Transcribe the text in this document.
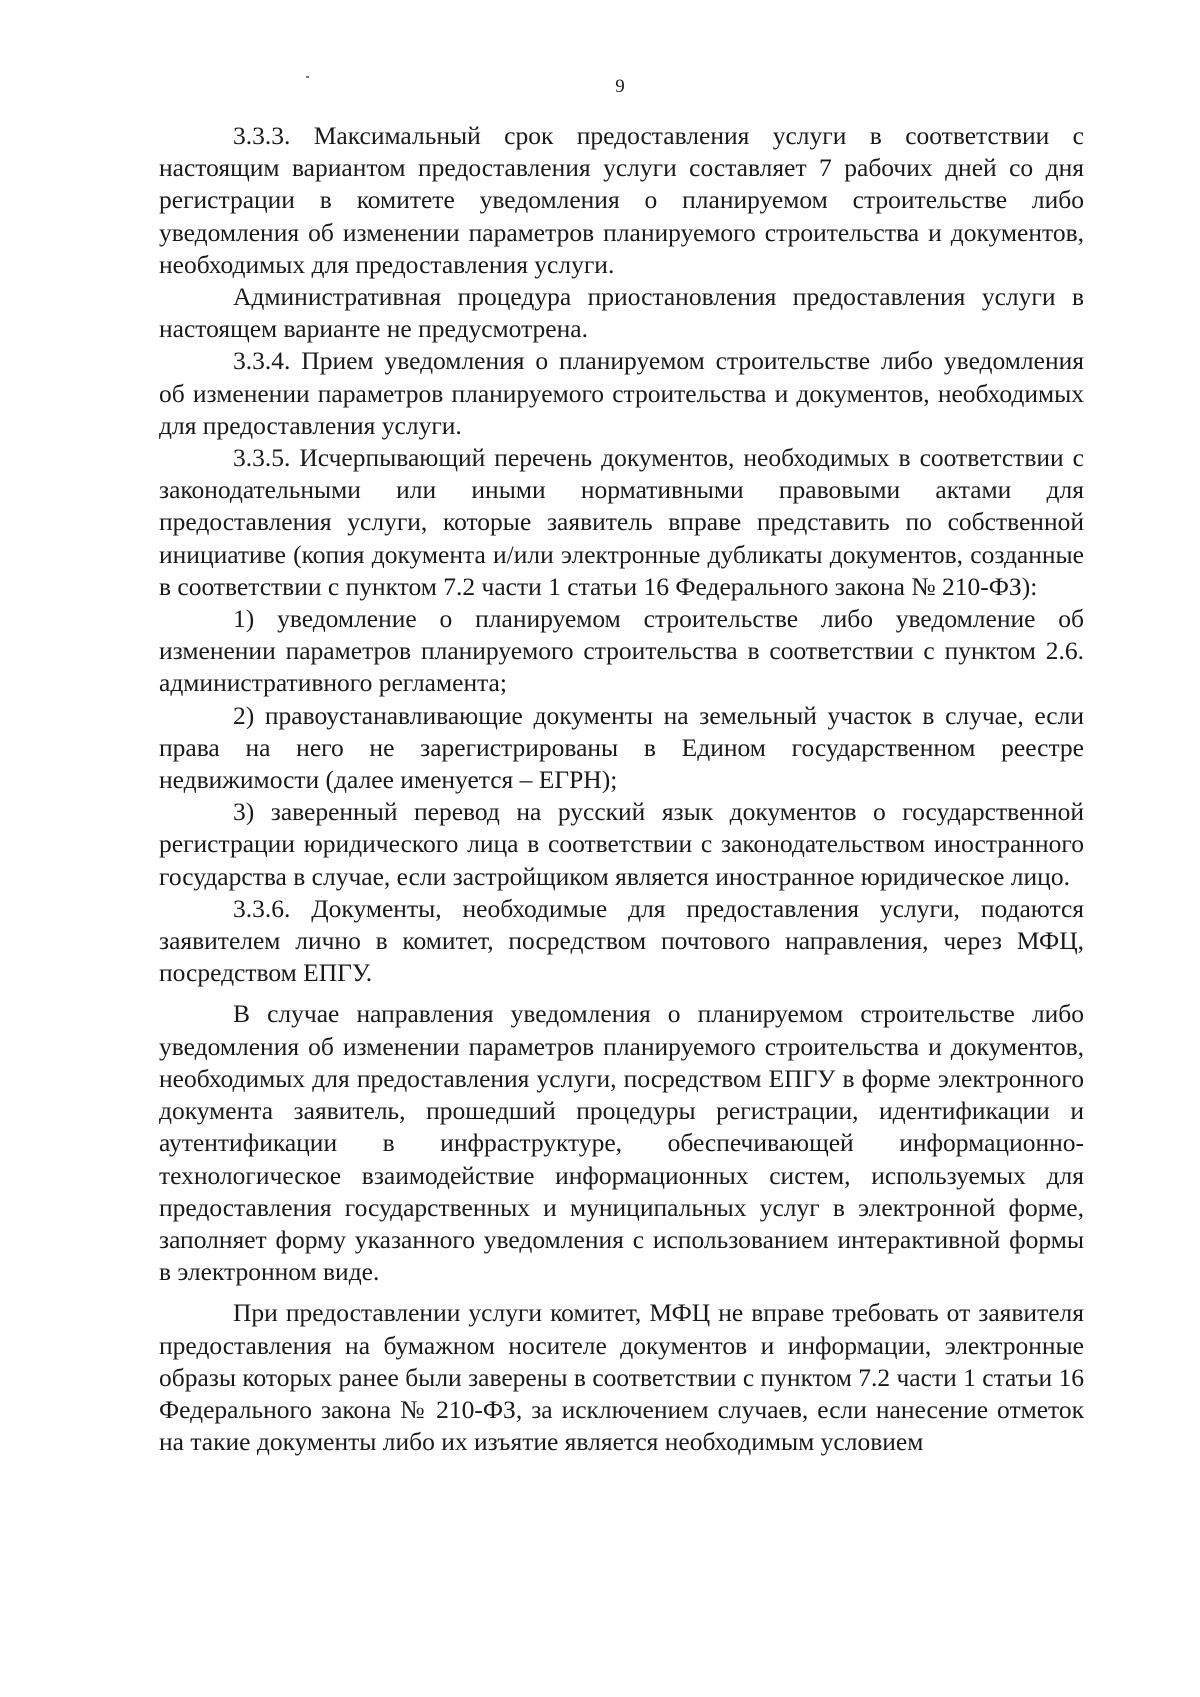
9

3.3.3. Максимальный срок предоставления услуги в соответствии с настоящим вариантом предоставления услуги составляет 7 рабочих дней со дня регистрации в комитете уведомления о планируемом строительстве либо уведомления об изменении параметров планируемого строительства и документов, необходимых для предоставления услуги.

Административная процедура приостановления предоставления услуги в настоящем варианте не предусмотрена.

3.3.4. Прием уведомления о планируемом строительстве либо уведомления об изменении параметров планируемого строительства и документов, необходимых для предоставления услуги.

3.3.5. Исчерпывающий перечень документов, необходимых в соответствии с законодательными или иными нормативными правовыми актами для предоставления услуги, которые заявитель вправе представить по собственной инициативе (копия документа и/или электронные дубликаты документов, созданные в соответствии с пунктом 7.2 части 1 статьи 16 Федерального закона № 210-ФЗ):

1) уведомление о планируемом строительстве либо уведомление об изменении параметров планируемого строительства в соответствии с пунктом 2.6. административного регламента;

2) правоустанавливающие документы на земельный участок в случае, если права на него не зарегистрированы в Едином государственном реестре недвижимости (далее именуется – ЕГРН);

3) заверенный перевод на русский язык документов о государственной регистрации юридического лица в соответствии с законодательством иностранного государства в случае, если застройщиком является иностранное юридическое лицо.

3.3.6. Документы, необходимые для предоставления услуги, подаются заявителем лично в комитет, посредством почтового направления, через МФЦ, посредством ЕПГУ.

В случае направления уведомления о планируемом строительстве либо уведомления об изменении параметров планируемого строительства и документов, необходимых для предоставления услуги, посредством ЕПГУ в форме электронного документа заявитель, прошедший процедуры регистрации, идентификации и аутентификации в инфраструктуре, обеспечивающей информационно-технологическое взаимодействие информационных систем, используемых для предоставления государственных и муниципальных услуг в электронной форме, заполняет форму указанного уведомления с использованием интерактивной формы в электронном виде.

При предоставлении услуги комитет, МФЦ не вправе требовать от заявителя предоставления на бумажном носителе документов и информации, электронные образы которых ранее были заверены в соответствии с пунктом 7.2 части 1 статьи 16 Федерального закона № 210-ФЗ, за исключением случаев, если нанесение отметок на такие документы либо их изъятие является необходимым условием
